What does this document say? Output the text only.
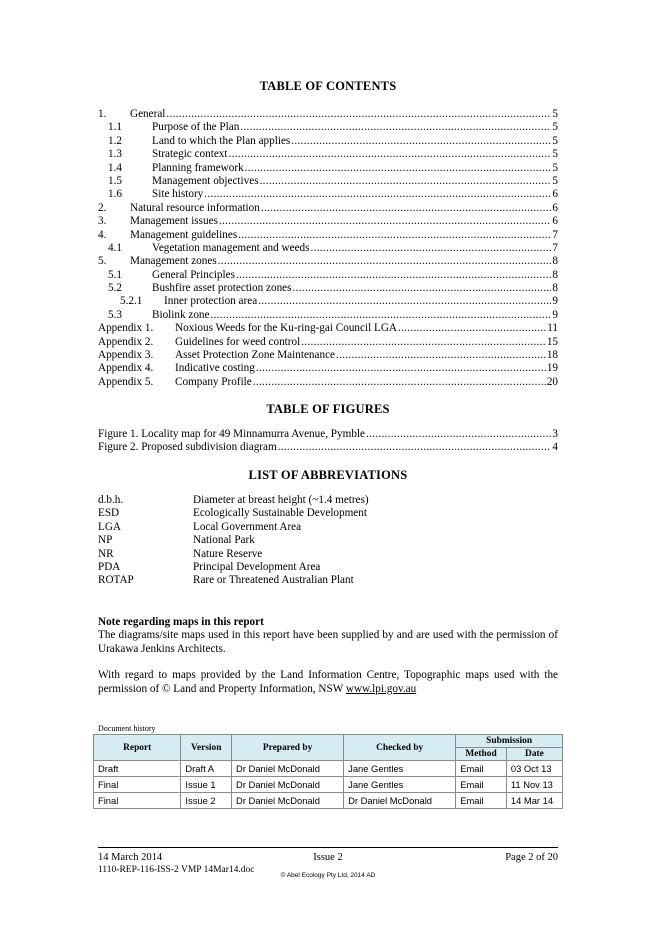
TABLE OF CONTENTS
1.	General .....	5
1.1	Purpose of the Plan .....	5
1.2	Land to which the Plan applies .....	5
1.3	Strategic context .....	5
1.4	Planning framework .....	5
1.5	Management objectives .....	5
1.6	Site history .....	6
2.	Natural resource information .....	6
3.	Management issues .....	6
4.	Management guidelines .....	7
4.1	Vegetation management and weeds .....	7
5.	Management zones .....	8
5.1	General Principles .....	8
5.2	Bushfire asset protection zones .....	8
5.2.1	Inner protection area .....	9
5.3	Biolink zone .....	9
Appendix 1.	Noxious Weeds for the Ku-ring-gai Council LGA .....	11
Appendix 2.	Guidelines for weed control .....	15
Appendix 3.	Asset Protection Zone Maintenance .....	18
Appendix 4.	Indicative costing .....	19
Appendix 5.	Company Profile .....	20
TABLE OF FIGURES
Figure 1. Locality map for 49 Minnamurra Avenue, Pymble .....	3
Figure 2. Proposed subdivision diagram .....	4
LIST OF ABBREVIATIONS
d.b.h.	Diameter at breast height (~1.4 metres)
ESD	Ecologically Sustainable Development
LGA	Local Government Area
NP	National Park
NR	Nature Reserve
PDA	Principal Development Area
ROTAP	Rare or Threatened Australian Plant
Note regarding maps in this report

The diagrams/site maps used in this report have been supplied by and are used with the permission of Urakawa Jenkins Architects.

With regard to maps provided by the Land Information Centre, Topographic maps used with the permission of © Land and Property Information, NSW www.lpi.gov.au

Document history
Report	Version	Prepared by	Checked by	Submission	
				Method	Date
Draft	Draft A	Dr Daniel McDonald	Jane Gentles	Email	03 Oct 13
Final	Issue 1	Dr Daniel McDonald	Jane Gentles	Email	11 Nov 13
Final	Issue 2	Dr Daniel McDonald	Dr Daniel McDonald	Email	14 Mar 14
14 March 2014	Issue 2	Page 2 of 20
1110-REP-116-ISS-2 VMP 14Mar14.doc
© Abel Ecology Pty Ltd, 2014 AD
